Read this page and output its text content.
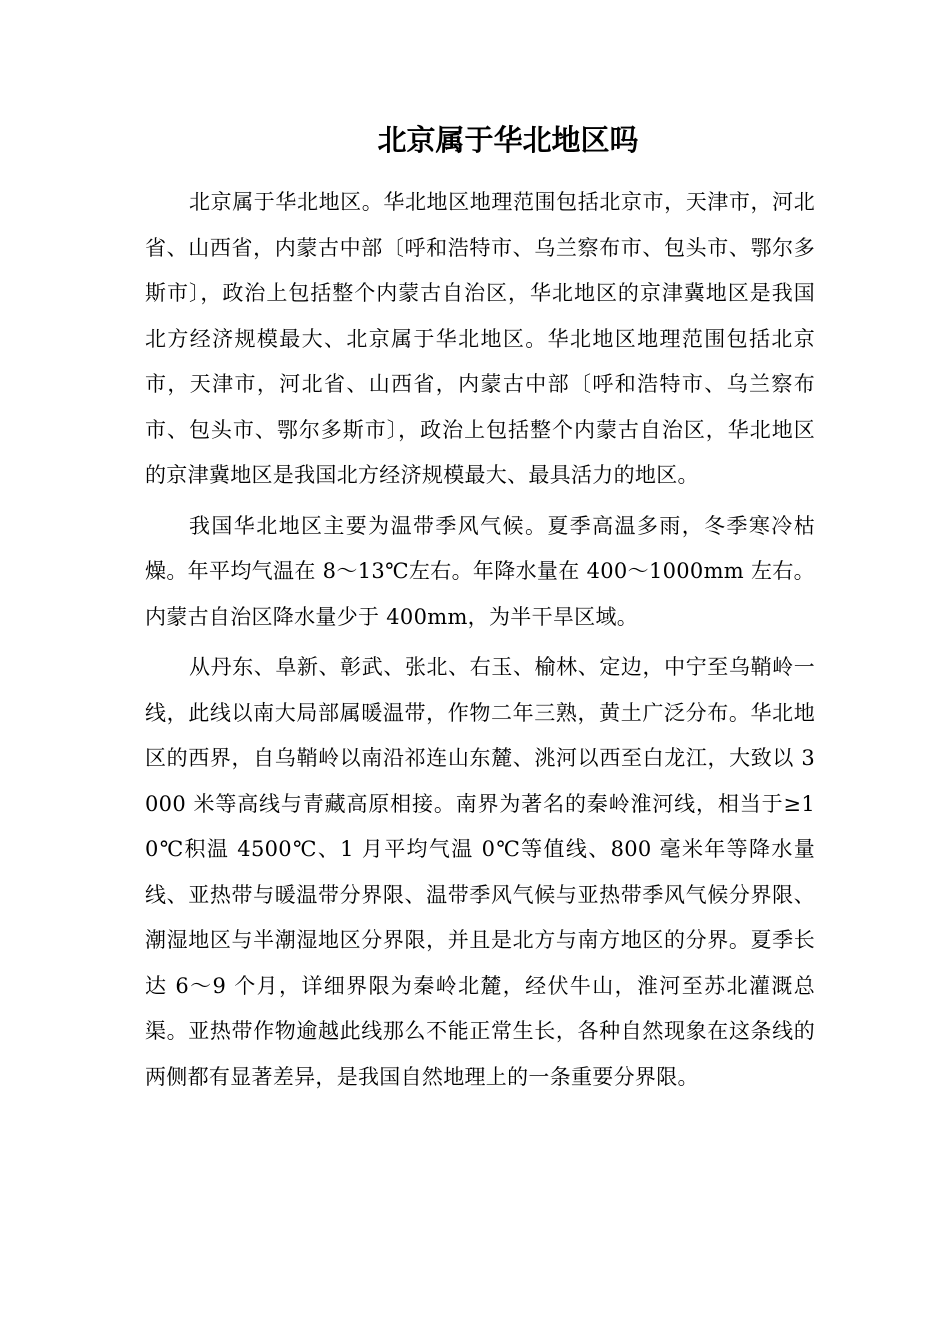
北京属于华北地区吗

北京属于华北地区。华北地区地理范围包括北京市，天津市，河北省、山西省，内蒙古中部〔呼和浩特市、乌兰察布市、包头市、鄂尔多斯市〕，政治上包括整个内蒙古自治区，华北地区的京津冀地区是我国北方经济规模最大、北京属于华北地区。华北地区地理范围包括北京市，天津市，河北省、山西省，内蒙古中部〔呼和浩特市、乌兰察布市、包头市、鄂尔多斯市〕，政治上包括整个内蒙古自治区，华北地区的京津冀地区是我国北方经济规模最大、最具活力的地区。

我国华北地区主要为温带季风气候。夏季高温多雨，冬季寒冷枯燥。年平均气温在 8～13℃左右。年降水量在 400～1000mm 左右。内蒙古自治区降水量少于 400mm，为半干旱区域。

从丹东、阜新、彰武、张北、右玉、榆林、定边，中宁至乌鞘岭一线，此线以南大局部属暖温带，作物二年三熟，黄土广泛分布。华北地区的西界，自乌鞘岭以南沿祁连山东麓、洮河以西至白龙江，大致以 3000 米等高线与青藏高原相接。南界为著名的秦岭淮河线，相当于≥10℃积温 4500℃、1 月平均气温 0℃等值线、800 毫米年等降水量线、亚热带与暖温带分界限、温带季风气候与亚热带季风气候分界限、潮湿地区与半潮湿地区分界限，并且是北方与南方地区的分界。夏季长达 6～9 个月，详细界限为秦岭北麓，经伏牛山，淮河至苏北灌溉总渠。亚热带作物逾越此线那么不能正常生长，各种自然现象在这条线的两侧都有显著差异，是我国自然地理上的一条重要分界限。
